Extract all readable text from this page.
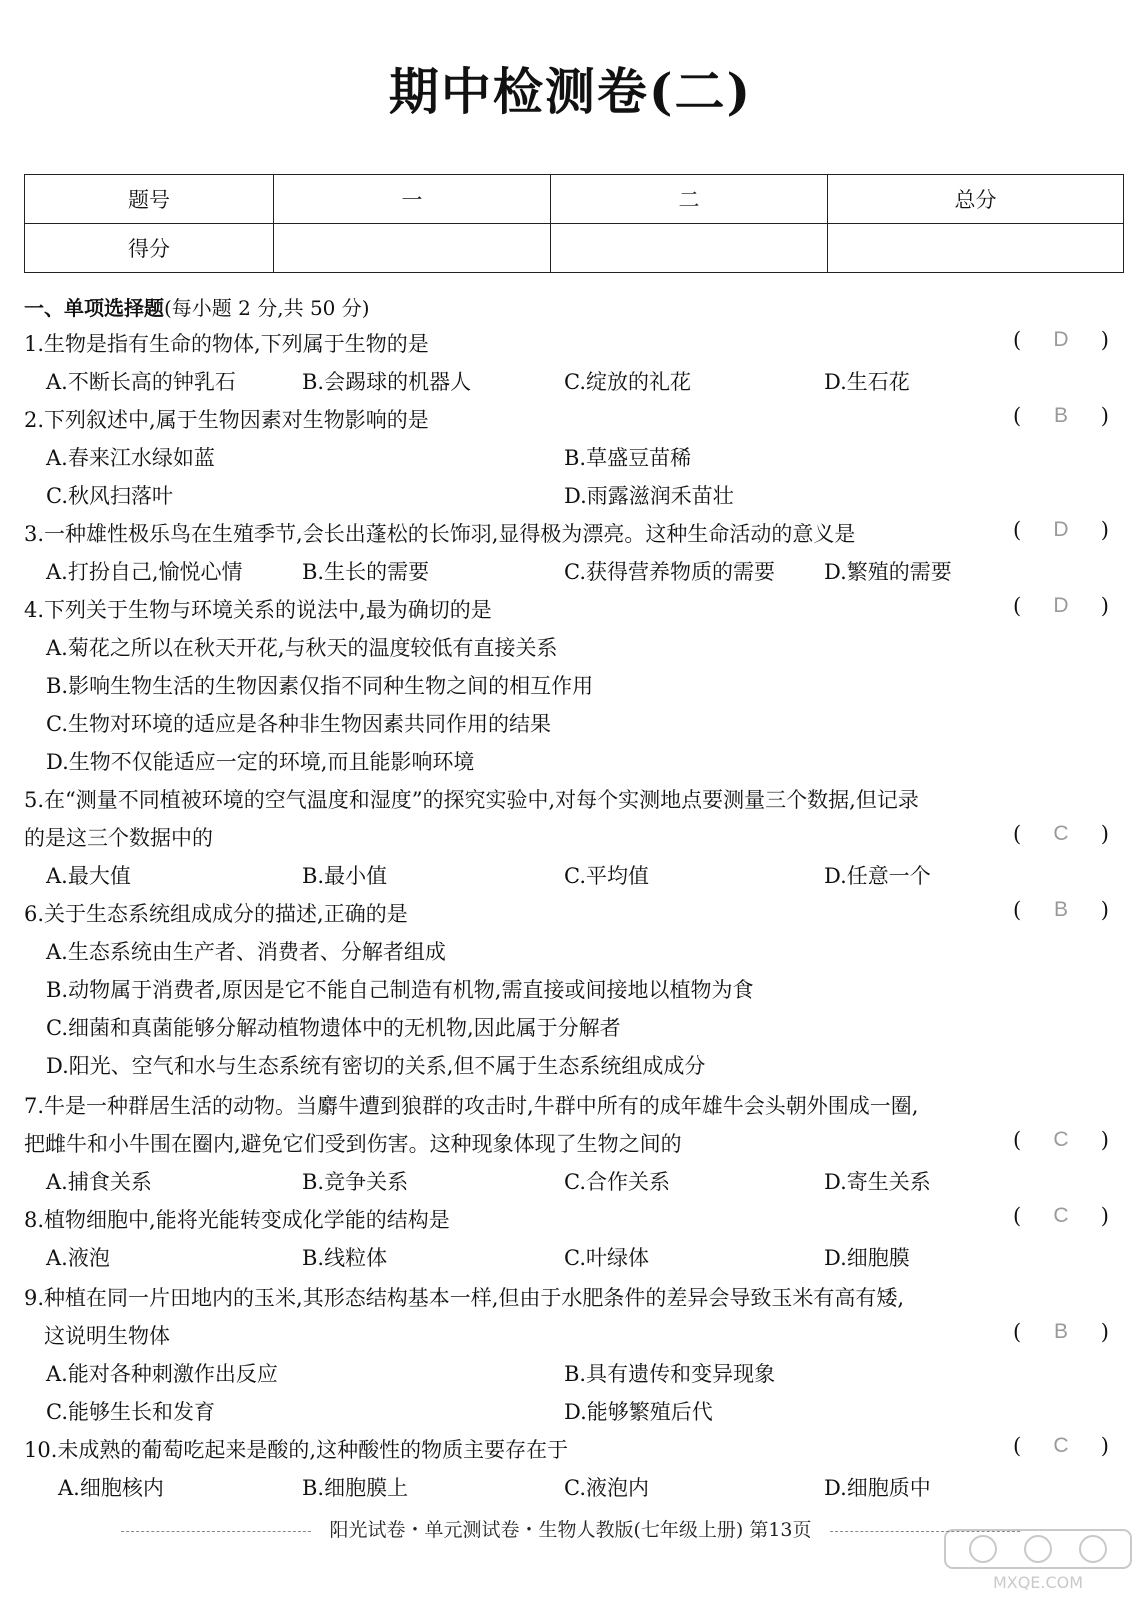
期中检测卷(二)
题号	一	二	总分
得分			
一、单项选择题(每小题 2 分,共 50 分)
1.生物是指有生命的物体,下列属于生物的是	( D )
A.不断长高的钟乳石	B.会踢球的机器人	C.绽放的礼花	D.生石花
2.下列叙述中,属于生物因素对生物影响的是	( B )
A.春来江水绿如蓝	B.草盛豆苗稀
C.秋风扫落叶	D.雨露滋润禾苗壮
3.一种雄性极乐鸟在生殖季节,会长出蓬松的长饰羽,显得极为漂亮。这种生命活动的意义是	( D )
A.打扮自己,愉悦心情	B.生长的需要	C.获得营养物质的需要 D.繁殖的需要
4.下列关于生物与环境关系的说法中,最为确切的是	( D )
A.菊花之所以在秋天开花,与秋天的温度较低有直接关系
B.影响生物生活的生物因素仅指不同种生物之间的相互作用
C.生物对环境的适应是各种非生物因素共同作用的结果
D.生物不仅能适应一定的环境,而且能影响环境
5.在“测量不同植被环境的空气温度和湿度”的探究实验中,对每个实测地点要测量三个数据,但记录
的是这三个数据中的	( C )
A.最大值	B.最小值	C.平均值	D.任意一个
6.关于生态系统组成成分的描述,正确的是	( B )
A.生态系统由生产者、消费者、分解者组成
B.动物属于消费者,原因是它不能自己制造有机物,需直接或间接地以植物为食
C.细菌和真菌能够分解动植物遗体中的无机物,因此属于分解者
D.阳光、空气和水与生态系统有密切的关系,但不属于生态系统组成成分
7.牛是一种群居生活的动物。当麝牛遭到狼群的攻击时,牛群中所有的成年雄牛会头朝外围成一圈,
把雌牛和小牛围在圈内,避免它们受到伤害。这种现象体现了生物之间的	( C )
A.捕食关系	B.竞争关系	C.合作关系	D.寄生关系
8.植物细胞中,能将光能转变成化学能的结构是	( C )
A.液泡	B.线粒体	C.叶绿体	D.细胞膜
9.种植在同一片田地内的玉米,其形态结构基本一样,但由于水肥条件的差异会导致玉米有高有矮,
这说明生物体	( B )
A.能对各种刺激作出反应	B.具有遗传和变异现象
C.能够生长和发育	D.能够繁殖后代
10.未成熟的葡萄吃起来是酸的,这种酸性的物质主要存在于	( C )
A.细胞核内	B.细胞膜上	C.液泡内	D.细胞质中
阳光试卷・单元测试卷・生物人教版(七年级上册) 第13页
MXQE.COM
